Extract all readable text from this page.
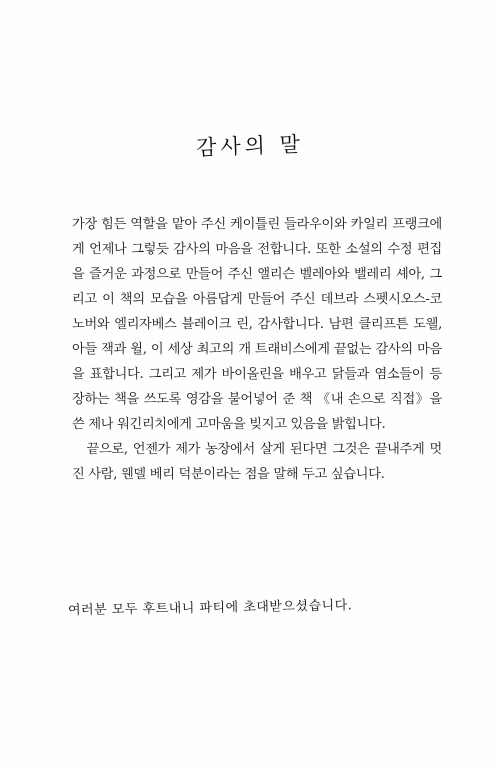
감사의 말

가장 힘든 역할을 맡아 주신 케이틀린 들라우이와 카일리 프랭크에게 언제나 그렇듯 감사의 마음을 전합니다. 또한 소설의 수정 편집을 즐거운 과정으로 만들어 주신 앨리슨 벨레아와 밸레리 셰아, 그리고 이 책의 모습을 아름답게 만들어 주신 데브라 스펫시오스-코노버와 엘리자베스 블레이크 린, 감사합니다. 남편 클리프튼 도웰, 아들 잭과 윌, 이 세상 최고의 개 트래비스에게 끝없는 감사의 마음을 표합니다. 그리고 제가 바이올린을 배우고 닭들과 염소들이 등장하는 책을 쓰도록 영감을 불어넣어 준 책 《내 손으로 직접》을 쓴 제나 워긴리치에게 고마움을 빚지고 있음을 밝힙니다.

끝으로, 언젠가 제가 농장에서 살게 된다면 그것은 끝내주게 멋진 사람, 웬델 베리 덕분이라는 점을 말해 두고 싶습니다.

여러분 모두 후트내니 파티에 초대받으셨습니다.
